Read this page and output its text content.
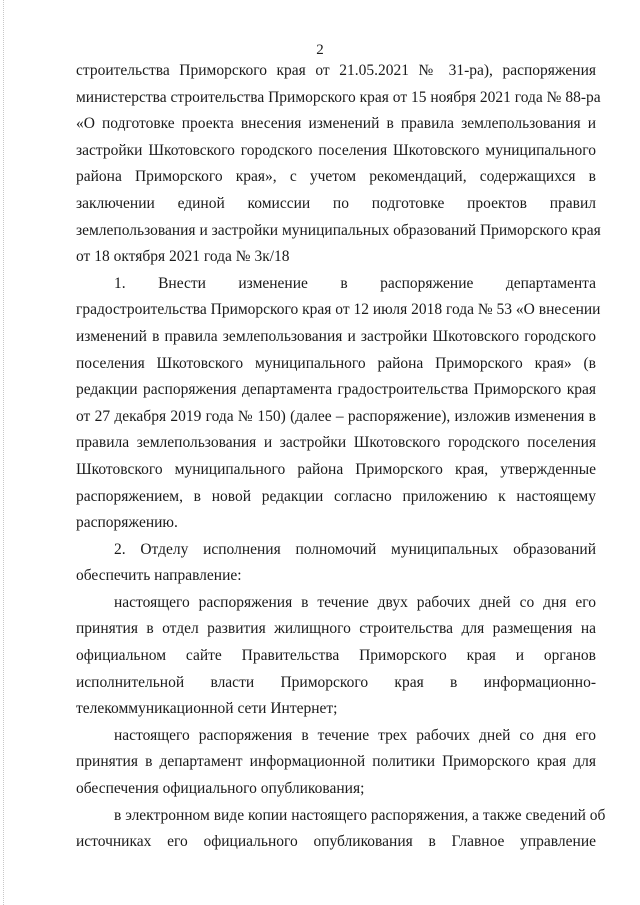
2
строительства Приморского края от 21.05.2021 № 31-ра), распоряжения
министерства строительства Приморского края от 15 ноября 2021 года № 88-ра
«О подготовке проекта внесения изменений в правила землепользования и
застройки Шкотовского городского поселения Шкотовского муниципального
района Приморского края», с учетом рекомендаций, содержащихся в
заключении единой комиссии по подготовке проектов правил
землепользования и застройки муниципальных образований Приморского края
от 18 октября 2021 года № 3к/18
1. Внести изменение в распоряжение департамента
градостроительства Приморского края от 12 июля 2018 года № 53 «О внесении
изменений в правила землепользования и застройки Шкотовского городского
поселения Шкотовского муниципального района Приморского края» (в
редакции распоряжения департамента градостроительства Приморского края
от 27 декабря 2019 года № 150) (далее – распоряжение), изложив изменения в
правила землепользования и застройки Шкотовского городского поселения
Шкотовского муниципального района Приморского края, утвержденные
распоряжением, в новой редакции согласно приложению к настоящему
распоряжению.
2. Отделу исполнения полномочий муниципальных образований
обеспечить направление:
настоящего распоряжения в течение двух рабочих дней со дня его
принятия в отдел развития жилищного строительства для размещения на
официальном сайте Правительства Приморского края и органов
исполнительной власти Приморского края в информационно-
телекоммуникационной сети Интернет;
настоящего распоряжения в течение трех рабочих дней со дня его
принятия в департамент информационной политики Приморского края для
обеспечения официального опубликования;
в электронном виде копии настоящего распоряжения, а также сведений об
источниках его официального опубликования в Главное управление
